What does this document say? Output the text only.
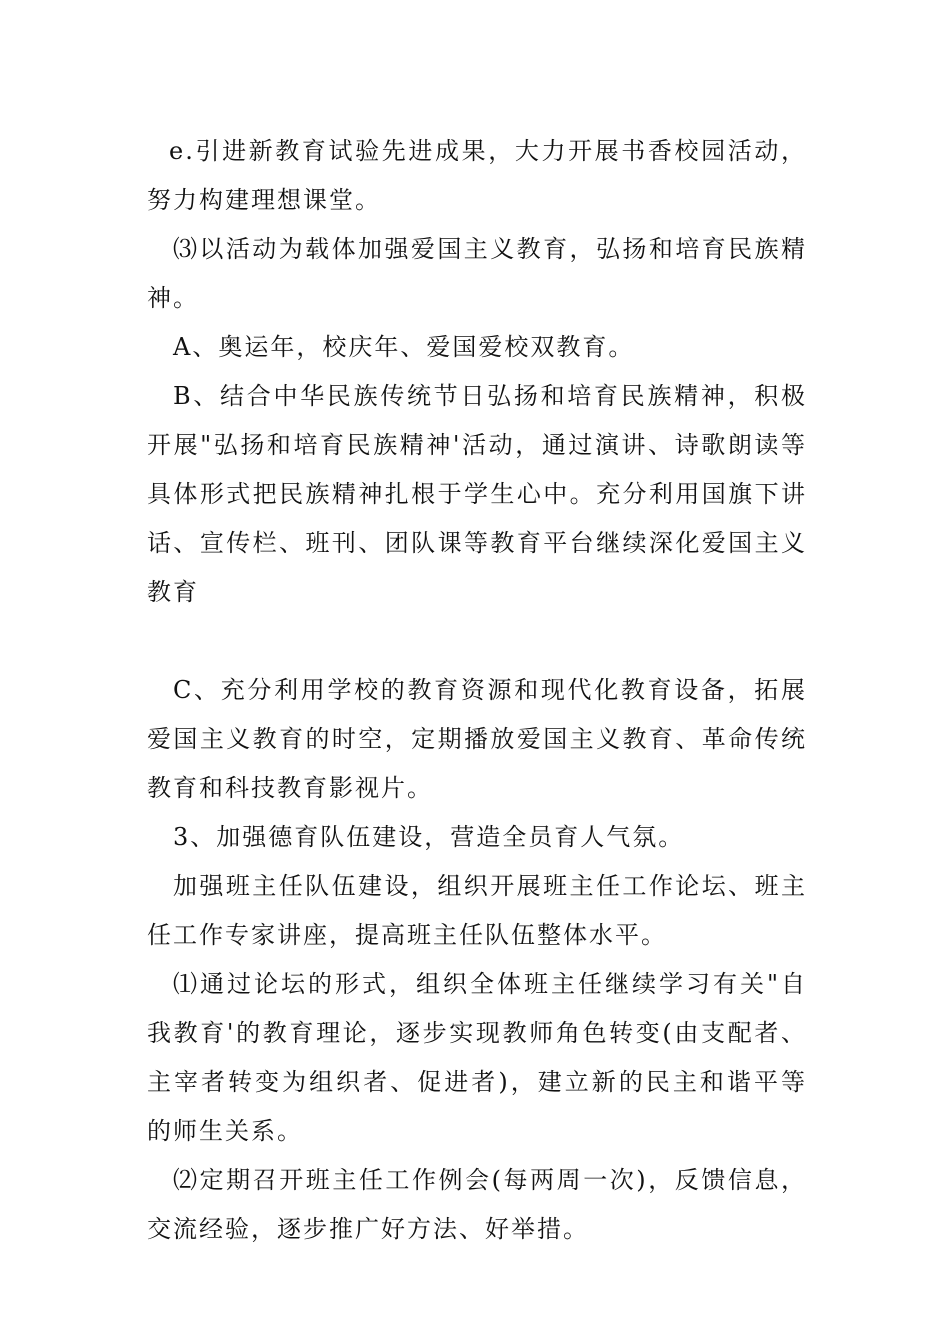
e.引进新教育试验先进成果，大力开展书香校园活动，努力构建理想课堂。

⑶以活动为载体加强爱国主义教育，弘扬和培育民族精神。

A、奥运年，校庆年、爱国爱校双教育。

B、结合中华民族传统节日弘扬和培育民族精神，积极开展"弘扬和培育民族精神'活动，通过演讲、诗歌朗读等具体形式把民族精神扎根于学生心中。充分利用国旗下讲话、宣传栏、班刊、团队课等教育平台继续深化爱国主义教育

C、充分利用学校的教育资源和现代化教育设备，拓展爱国主义教育的时空，定期播放爱国主义教育、革命传统教育和科技教育影视片。

3、加强德育队伍建设，营造全员育人气氛。

加强班主任队伍建设，组织开展班主任工作论坛、班主任工作专家讲座，提高班主任队伍整体水平。

⑴通过论坛的形式，组织全体班主任继续学习有关"自我教育'的教育理论，逐步实现教师角色转变(由支配者、主宰者转变为组织者、促进者)，建立新的民主和谐平等的师生关系。

⑵定期召开班主任工作例会(每两周一次)，反馈信息，交流经验，逐步推广好方法、好举措。
